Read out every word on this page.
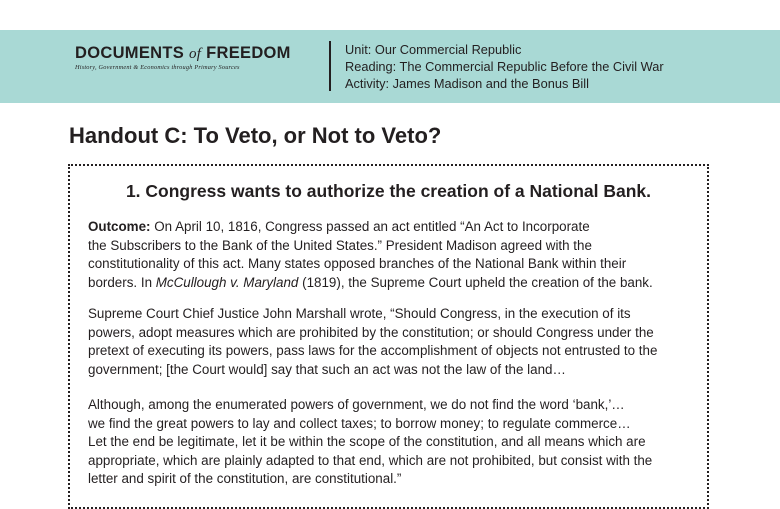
DOCUMENTS of FREEDOM
History, Government & Economics through Primary Sources
Unit: Our Commercial Republic
Reading: The Commercial Republic Before the Civil War
Activity: James Madison and the Bonus Bill
Handout C: To Veto, or Not to Veto?
1. Congress wants to authorize the creation of a National Bank.
Outcome: On April 10, 1816, Congress passed an act entitled “An Act to Incorporate
the Subscribers to the Bank of the United States.” President Madison agreed with the
constitutionality of this act. Many states opposed branches of the National Bank within their
borders. In McCullough v. Maryland (1819), the Supreme Court upheld the creation of the bank.
Supreme Court Chief Justice John Marshall wrote, “Should Congress, in the execution of its
powers, adopt measures which are prohibited by the constitution; or should Congress under the
pretext of executing its powers, pass laws for the accomplishment of objects not entrusted to the
government; [the Court would] say that such an act was not the law of the land…
Although, among the enumerated powers of government, we do not find the word ‘bank,’…
we find the great powers to lay and collect taxes; to borrow money; to regulate commerce…
Let the end be legitimate, let it be within the scope of the constitution, and all means which are
appropriate, which are plainly adapted to that end, which are not prohibited, but consist with the
letter and spirit of the constitution, are constitutional.”
